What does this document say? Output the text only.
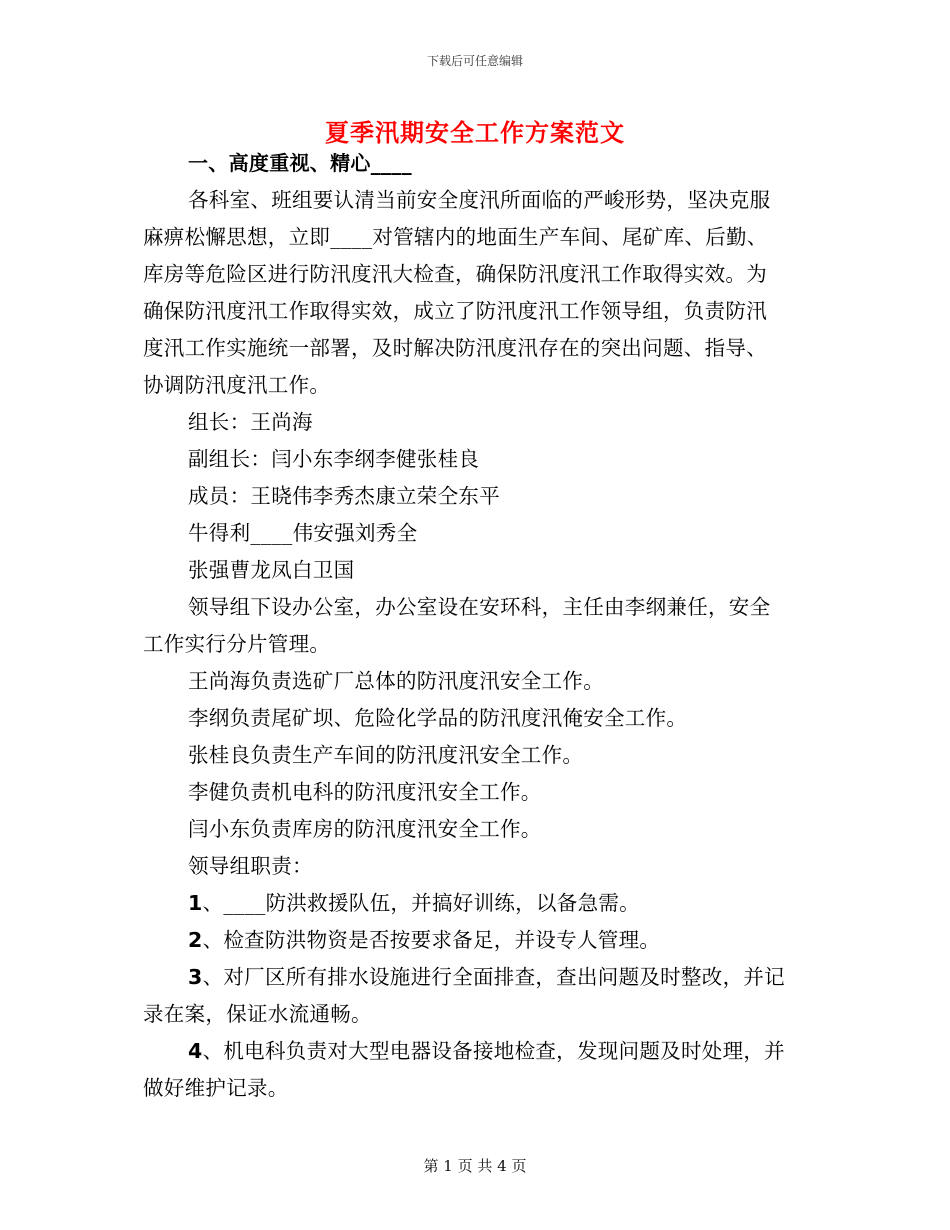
下载后可任意编辑
夏季汛期安全工作方案范文
一、高度重视、精心____
各科室、班组要认清当前安全度汛所面临的严峻形势，坚决克服
麻痹松懈思想，立即____对管辖内的地面生产车间、尾矿库、后勤、
库房等危险区进行防汛度汛大检查，确保防汛度汛工作取得实效。为
确保防汛度汛工作取得实效，成立了防汛度汛工作领导组，负责防汛
度汛工作实施统一部署，及时解决防汛度汛存在的突出问题、指导、
协调防汛度汛工作。
组长：王尚海
副组长：闫小东李纲李健张桂良
成员：王晓伟李秀杰康立荣仝东平
牛得利____伟安强刘秀全
张强曹龙凤白卫国
领导组下设办公室，办公室设在安环科，主任由李纲兼任，安全
工作实行分片管理。
王尚海负责选矿厂总体的防汛度汛安全工作。
李纲负责尾矿坝、危险化学品的防汛度汛俺安全工作。
张桂良负责生产车间的防汛度汛安全工作。
李健负责机电科的防汛度汛安全工作。
闫小东负责库房的防汛度汛安全工作。
领导组职责：
1、____防洪救援队伍，并搞好训练，以备急需。
2、检查防洪物资是否按要求备足，并设专人管理。
3、对厂区所有排水设施进行全面排查，查出问题及时整改，并记
录在案，保证水流通畅。
4、机电科负责对大型电器设备接地检查，发现问题及时处理，并
做好维护记录。
第 1 页 共 4 页
